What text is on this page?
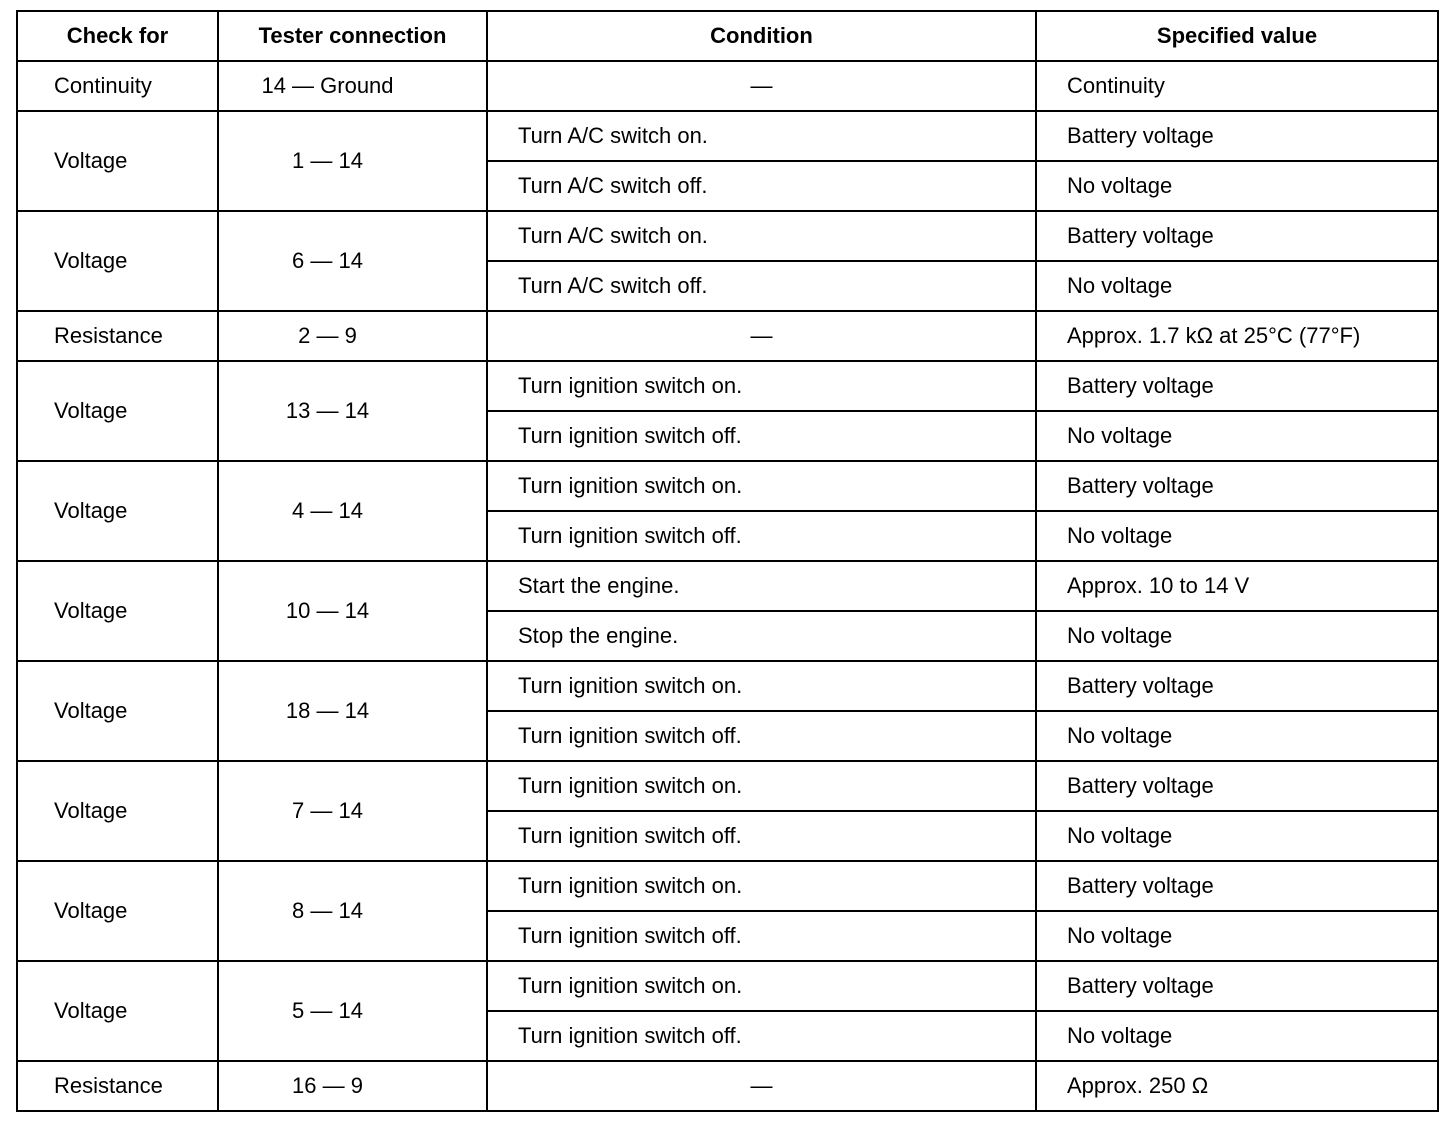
Check for	Tester connection	Condition	Specified value
Continuity	14 — Ground	—	Continuity
Voltage	1 — 14	Turn A/C switch on.	Battery voltage
		Turn A/C switch off.	No voltage
Voltage	6 — 14	Turn A/C switch on.	Battery voltage
		Turn A/C switch off.	No voltage
Resistance	2 — 9	—	Approx. 1.7 kΩ at 25°C (77°F)
Voltage	13 — 14	Turn ignition switch on.	Battery voltage
		Turn ignition switch off.	No voltage
Voltage	4 — 14	Turn ignition switch on.	Battery voltage
		Turn ignition switch off.	No voltage
Voltage	10 — 14	Start the engine.	Approx. 10 to 14 V
		Stop the engine.	No voltage
Voltage	18 — 14	Turn ignition switch on.	Battery voltage
		Turn ignition switch off.	No voltage
Voltage	7 — 14	Turn ignition switch on.	Battery voltage
		Turn ignition switch off.	No voltage
Voltage	8 — 14	Turn ignition switch on.	Battery voltage
		Turn ignition switch off.	No voltage
Voltage	5 — 14	Turn ignition switch on.	Battery voltage
		Turn ignition switch off.	No voltage
Resistance	16 — 9	—	Approx. 250 Ω
